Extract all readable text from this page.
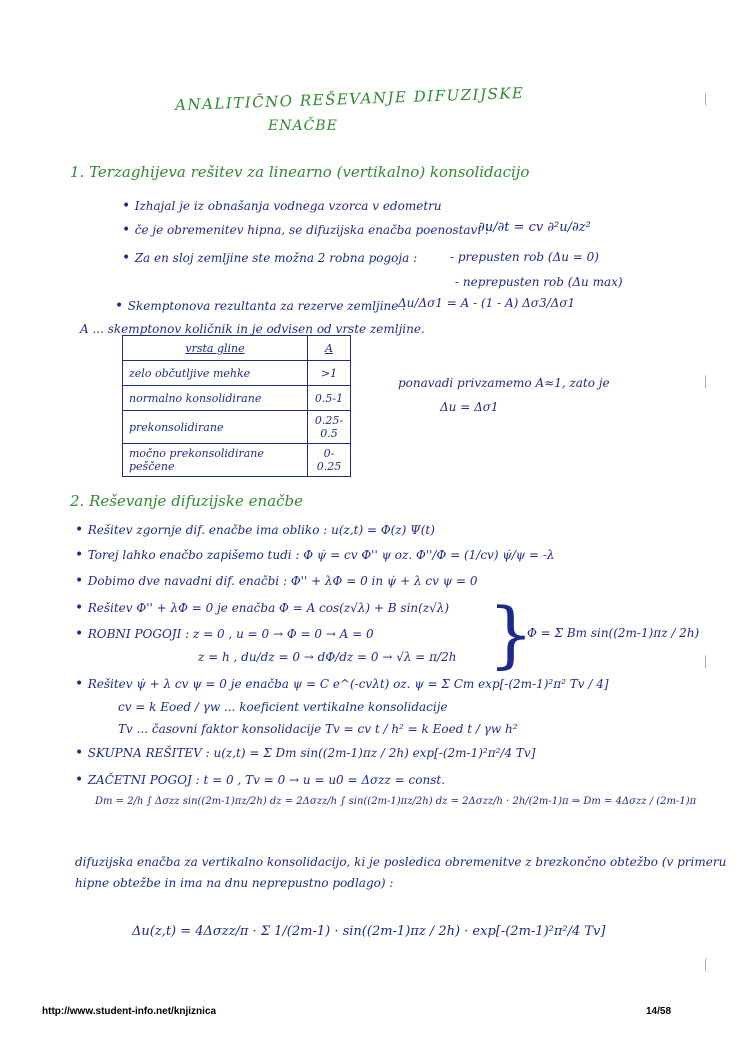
ANALITIČNO REŠEVANJE DIFUZIJSKE
ENAČBE
1. Terzaghijeva rešitev za linearno (vertikalno) konsolidacijo
• Izhajal je iz obnašanja vodnega vzorca v edometru
• če je obremenitev hipna, se difuzijska enačba poenostavi :
∂u/∂t = cv ∂²u/∂z²
• Za en sloj zemljine ste možna 2 robna pogoja :	- prepusten rob (Δu = 0)
- neprepusten rob (Δu max)
• Skemptonova rezultanta za rezerve zemljine :
Δu/Δσ1 = A - (1 - A) Δσ3/Δσ1
A ... skemptonov količnik in je odvisen od vrste zemljine.
vrsta gline	A
zelo občutljive mehke	>1
normalno konsolidirane	0.5-1
prekonsolidirane	0.25-0.5
močno prekonsolidirane peščene	0-0.25
ponavadi privzamemo A≈1, zato je
Δu = Δσ1
2. Reševanje difuzijske enačbe
• Rešitev zgornje dif. enačbe ima obliko : u(z,t) = Φ(z) Ψ(t)
• Torej lahko enačbo zapišemo tudi : Φ ψ̇ = cv Φ'' ψ oz. Φ''/Φ = (1/cv) ψ̇/ψ = -λ
• Dobimo dve navadni dif. enačbi : Φ'' + λΦ = 0 in ψ̇ + λ cv ψ = 0
• Rešitev Φ'' + λΦ = 0 je enačba Φ = A cos(z√λ) + B sin(z√λ)
• ROBNI POGOJI : z = 0 , u = 0 → Φ = 0 → A = 0
z = h , du/dz = 0 → dΦ/dz = 0 → √λ = π/2h }
Φ = Σ Bm sin((2m-1)πz / 2h)
• Rešitev ψ̇ + λ cv ψ = 0 je enačba ψ = C e^(-cvλt) oz. ψ = Σ Cm exp[-(2m-1)²π² Tv / 4]
cv = k Eoed / γw ... koeficient vertikalne konsolidacije
Tv ... časovni faktor konsolidacije Tv = cv t / h² = k Eoed t / γw h²
• SKUPNA REŠITEV : u(z,t) = Σ Dm sin((2m-1)πz / 2h) exp[-(2m-1)²π²/4 Tv]
• ZAČETNI POGOJ : t = 0 , Tv = 0 → u = u0 = Δσzz = const.
Dm = 2/h ∫ Δσzz sin((2m-1)πz/2h) dz = 2Δσzz/h ∫ sin((2m-1)πz/2h) dz = 2Δσzz/h · 2h/(2m-1)π ⇒ Dm = 4Δσzz / (2m-1)π
difuzijska enačba za vertikalno konsolidacijo, ki je posledica obremenitve z brezkončno obtežbo (v primeru
hipne obtežbe in ima na dnu neprepustno podlago) :
Δu(z,t) = 4Δσzz/π · Σ 1/(2m-1) · sin((2m-1)πz / 2h) · exp[-(2m-1)²π²/4 Tv]
http://www.student-info.net/knjiznica	14/58
